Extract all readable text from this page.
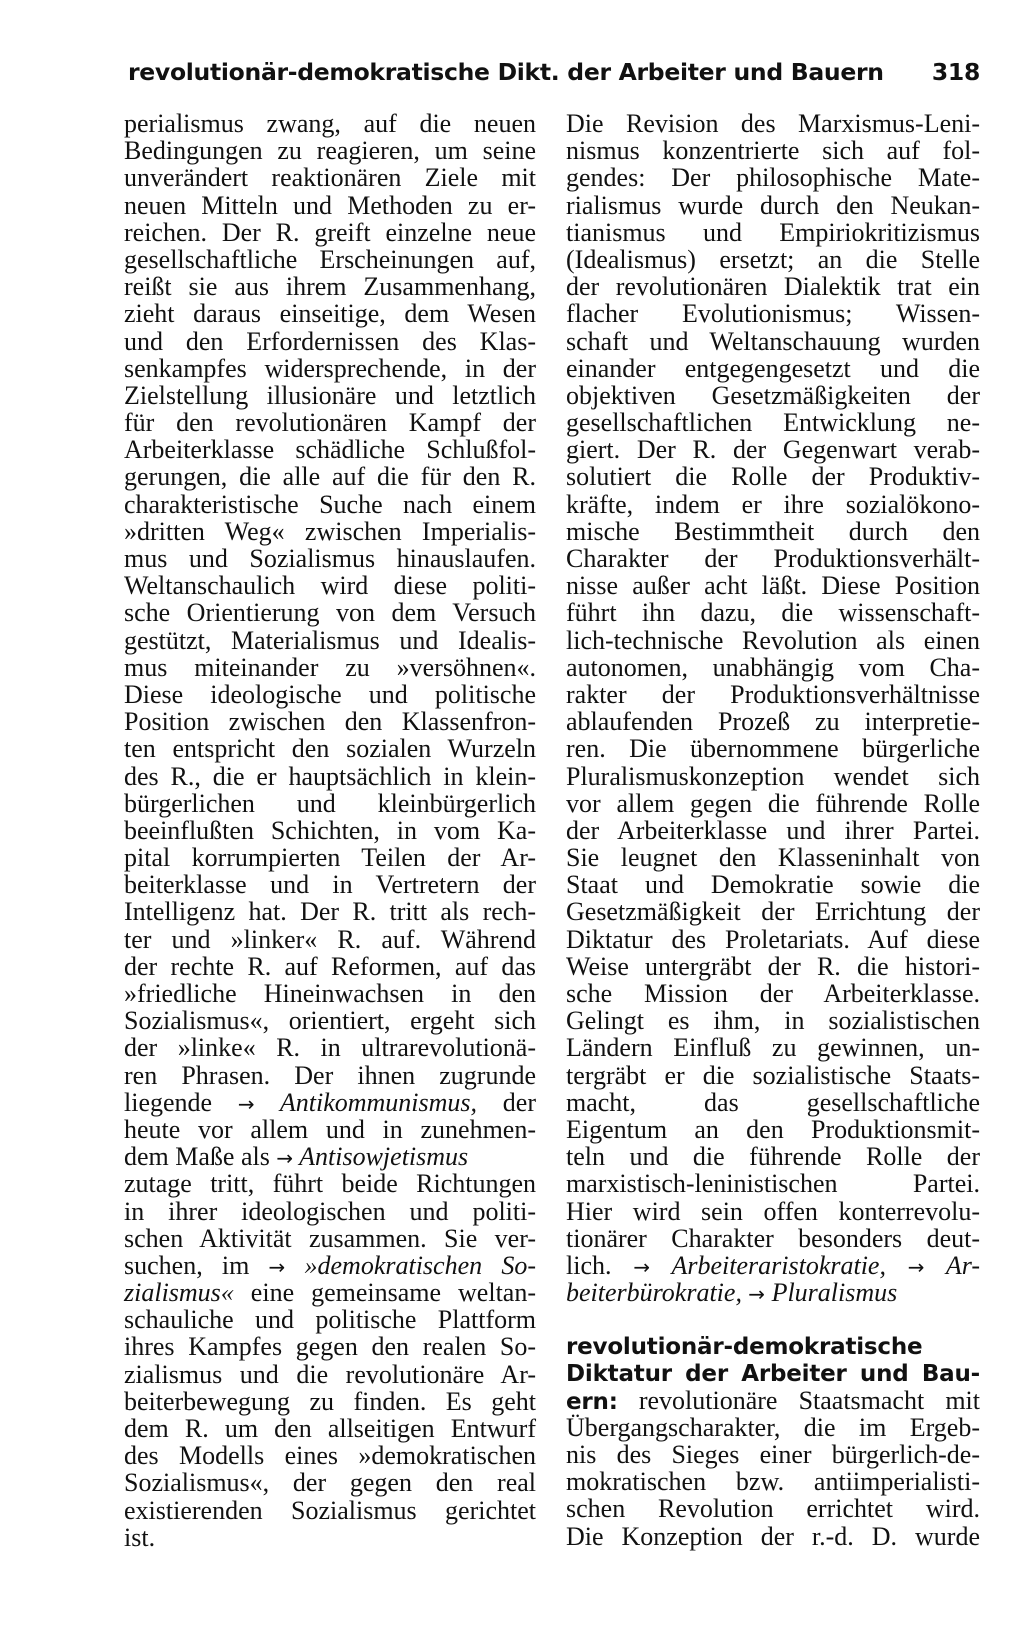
revolutionär-demokratische Dikt. der Arbeiter und Bauern 318
perialismus zwang, auf die neuen
Bedingungen zu reagieren, um seine
unverändert reaktionären Ziele mit
neuen Mitteln und Methoden zu er-
reichen. Der R. greift einzelne neue
gesellschaftliche Erscheinungen auf,
reißt sie aus ihrem Zusammenhang,
zieht daraus einseitige, dem Wesen
und den Erfordernissen des Klas-
senkampfes widersprechende, in der
Zielstellung illusionäre und letztlich
für den revolutionären Kampf der
Arbeiterklasse schädliche Schlußfol-
gerungen, die alle auf die für den R.
charakteristische Suche nach einem
»dritten Weg« zwischen Imperialis-
mus und Sozialismus hinauslaufen.
Weltanschaulich wird diese politi-
sche Orientierung von dem Versuch
gestützt, Materialismus und Idealis-
mus miteinander zu »versöhnen«.
Diese ideologische und politische
Position zwischen den Klassenfron-
ten entspricht den sozialen Wurzeln
des R., die er hauptsächlich in klein-
bürgerlichen und kleinbürgerlich
beeinflußten Schichten, in vom Ka-
pital korrumpierten Teilen der Ar-
beiterklasse und in Vertretern der
Intelligenz hat. Der R. tritt als rech-
ter und »linker« R. auf. Während
der rechte R. auf Reformen, auf das
»friedliche Hineinwachsen in den
Sozialismus«, orientiert, ergeht sich
der »linke« R. in ultrarevolutionä-
ren Phrasen. Der ihnen zugrunde
liegende → Antikommunismus, der
heute vor allem und in zunehmen-
dem Maße als → Antisowjetismus
zutage tritt, führt beide Richtungen
in ihrer ideologischen und politi-
schen Aktivität zusammen. Sie ver-
suchen, im → »demokratischen So-
zialismus« eine gemeinsame weltan-
schauliche und politische Plattform
ihres Kampfes gegen den realen So-
zialismus und die revolutionäre Ar-
beiterbewegung zu finden. Es geht
dem R. um den allseitigen Entwurf
des Modells eines »demokratischen
Sozialismus«, der gegen den real
existierenden Sozialismus gerichtet
ist.
Die Revision des Marxismus-Leni-
nismus konzentrierte sich auf fol-
gendes: Der philosophische Mate-
rialismus wurde durch den Neukan-
tianismus und Empiriokritizismus
(Idealismus) ersetzt; an die Stelle
der revolutionären Dialektik trat ein
flacher Evolutionismus; Wissen-
schaft und Weltanschauung wurden
einander entgegengesetzt und die
objektiven Gesetzmäßigkeiten der
gesellschaftlichen Entwicklung ne-
giert. Der R. der Gegenwart verab-
solutiert die Rolle der Produktiv-
kräfte, indem er ihre sozialökono-
mische Bestimmtheit durch den
Charakter der Produktionsverhält-
nisse außer acht läßt. Diese Position
führt ihn dazu, die wissenschaft-
lich-technische Revolution als einen
autonomen, unabhängig vom Cha-
rakter der Produktionsverhältnisse
ablaufenden Prozeß zu interpretie-
ren. Die übernommene bürgerliche
Pluralismuskonzeption wendet sich
vor allem gegen die führende Rolle
der Arbeiterklasse und ihrer Partei.
Sie leugnet den Klasseninhalt von
Staat und Demokratie sowie die
Gesetzmäßigkeit der Errichtung der
Diktatur des Proletariats. Auf diese
Weise untergräbt der R. die histori-
sche Mission der Arbeiterklasse.
Gelingt es ihm, in sozialistischen
Ländern Einfluß zu gewinnen, un-
tergräbt er die sozialistische Staats-
macht, das gesellschaftliche
Eigentum an den Produktionsmit-
teln und die führende Rolle der
marxistisch-leninistischen Partei.
Hier wird sein offen konterrevolu-
tionärer Charakter besonders deut-
lich. → Arbeiteraristokratie, → Ar-
beiterbürokratie, → Pluralismus
revolutionär-demokratische
Diktatur der Arbeiter und Bau-
ern: revolutionäre Staatsmacht mit
Übergangscharakter, die im Ergeb-
nis des Sieges einer bürgerlich-de-
mokratischen bzw. antiimperialisti-
schen Revolution errichtet wird.
Die Konzeption der r.-d. D. wurde
